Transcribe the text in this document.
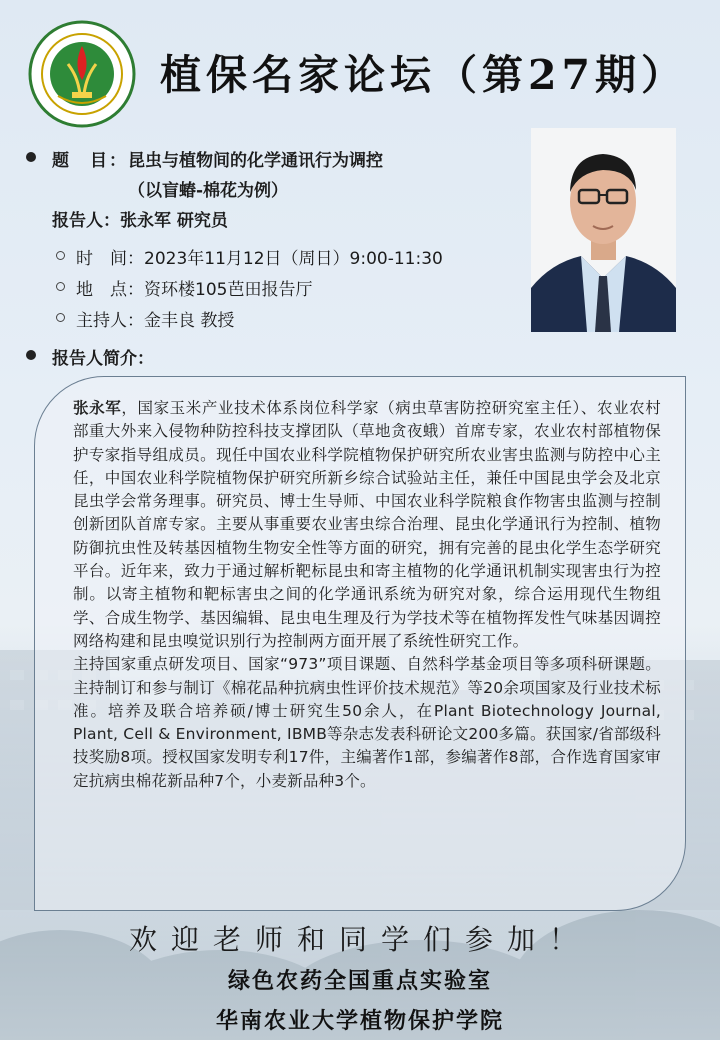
植保名家论坛（第27期）
题　目：昆虫与植物间的化学通讯行为调控
（以盲蝽-棉花为例）
报告人：张永军 研究员
时　间：2023年11月12日（周日）9:00-11:30
地　点：资环楼105芭田报告厅
主持人：金丰良 教授
报告人简介：
张永军，国家玉米产业技术体系岗位科学家（病虫草害防控研究室主任）、农业农村部重大外来入侵物种防控科技支撑团队（草地贪夜蛾）首席专家，农业农村部植物保护专家指导组成员。现任中国农业科学院植物保护研究所农业害虫监测与防控中心主任，中国农业科学院植物保护研究所新乡综合试验站主任，兼任中国昆虫学会及北京昆虫学会常务理事。研究员、博士生导师、中国农业科学院粮食作物害虫监测与控制创新团队首席专家。主要从事重要农业害虫综合治理、昆虫化学通讯行为控制、植物防御抗虫性及转基因植物生物安全性等方面的研究，拥有完善的昆虫化学生态学研究平台。近年来，致力于通过解析靶标昆虫和寄主植物的化学通讯机制实现害虫行为控制。以寄主植物和靶标害虫之间的化学通讯系统为研究对象，综合运用现代生物组学、合成生物学、基因编辑、昆虫电生理及行为学技术等在植物挥发性气味基因调控网络构建和昆虫嗅觉识别行为控制两方面开展了系统性研究工作。
主持国家重点研发项目、国家“973”项目课题、自然科学基金项目等多项科研课题。主持制订和参与制订《棉花品种抗病虫性评价技术规范》等20余项国家及行业技术标准。培养及联合培养硕/博士研究生50余人，在Plant Biotechnology Journal, Plant, Cell & Environment, IBMB等杂志发表科研论文200多篇。获国家/省部级科技奖励8项。授权国家发明专利17件，主编著作1部，参编著作8部，合作选育国家审定抗病虫棉花新品种7个，小麦新品种3个。
欢迎老师和同学们参加！
绿色农药全国重点实验室
华南农业大学植物保护学院
